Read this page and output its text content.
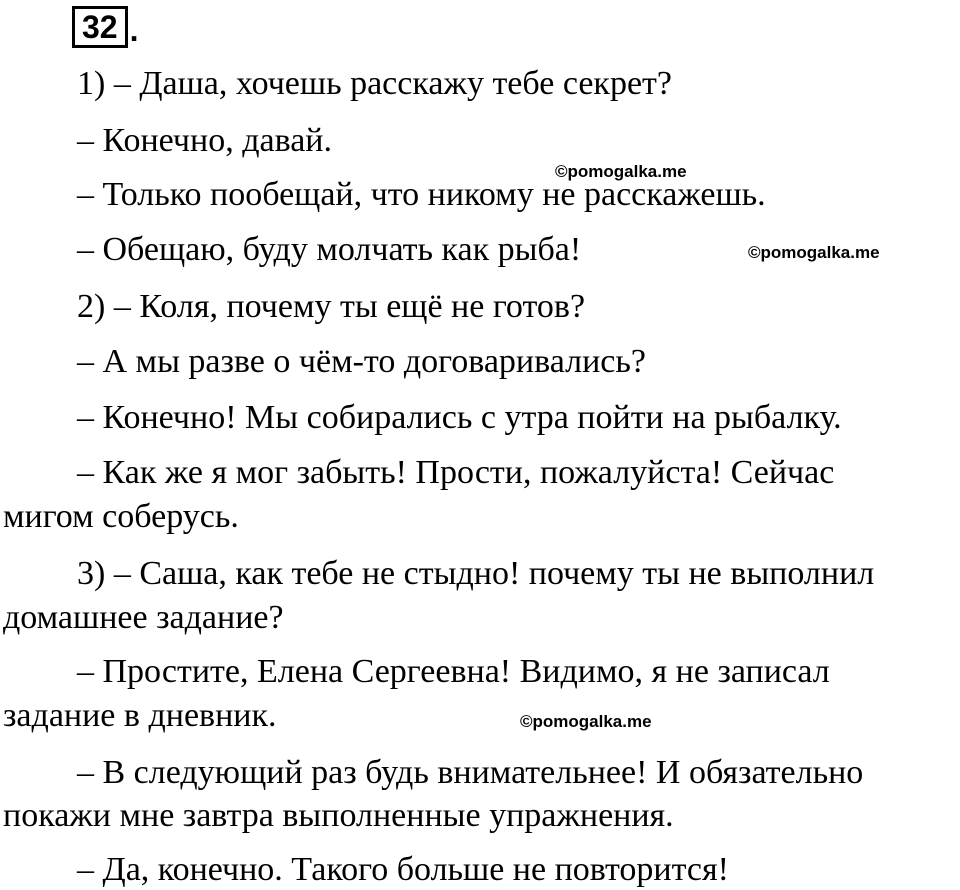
32 .

1) – Даша, хочешь расскажу тебе секрет?

– Конечно, давай.

– Только пообещай, что никому не расскажешь.

– Обещаю, буду молчать как рыба!

2) – Коля, почему ты ещё не готов?

– А мы разве о чём-то договаривались?

– Конечно! Мы собирались с утра пойти на рыбалку.

– Как же я мог забыть! Прости, пожалуйста! Сейчас

мигом соберусь.

3) – Саша, как тебе не стыдно! почему ты не выполнил

домашнее задание?

– Простите, Елена Сергеевна! Видимо, я не записал

задание в дневник.

– В следующий раз будь внимательнее! И обязательно

покажи мне завтра выполненные упражнения.

– Да, конечно. Такого больше не повторится!

©pomogalka.me
©pomogalka.me
©pomogalka.me
